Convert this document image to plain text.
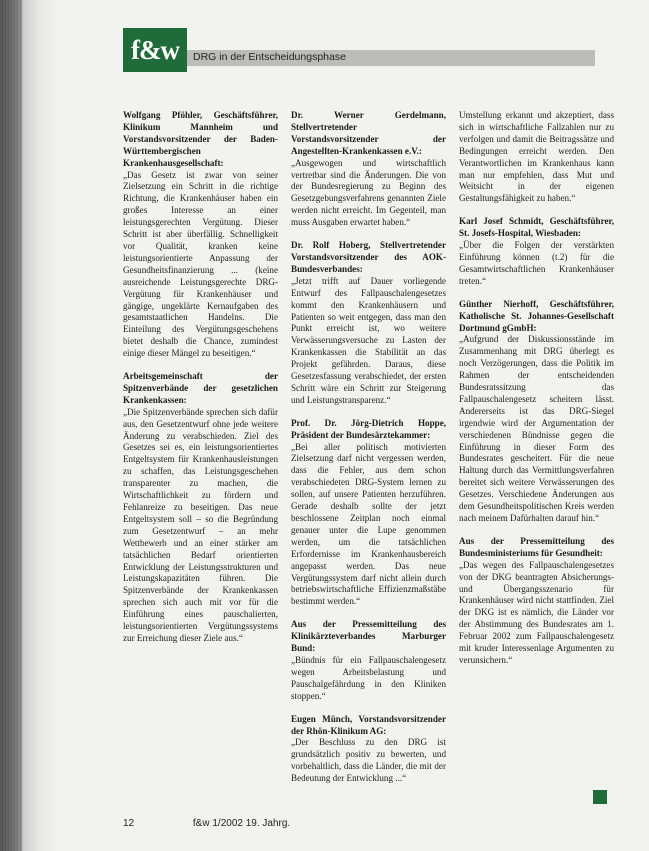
f&w	DRG in der Entscheidungsphase
Wolfgang Pföhler, Geschäftsführer, Klinikum Mannheim und Vorstandsvorsitzender der Baden-Württembergischen Krankenhausgesellschaft:

„Das Gesetz ist zwar von seiner Zielsetzung ein Schritt in die richtige Richtung, die Krankenhäuser haben ein großes Interesse an einer leistungsgerechten Vergütung. Dieser Schritt ist aber überfällig. Schnelligkeit vor Qualität, kranken keine leistungsorientierte Anpassung der Gesundheitsfinanzierung ... (keine ausreichende Leistungsgerechte DRG-Vergütung für Krankenhäuser und gängige, ungeklärte Kernaufgaben des gesamtstaatlichen Handelns. Die Einteilung des Vergütungsgeschehens bietet deshalb die Chance, zumindest einige dieser Mängel zu beseitigen.“

Arbeitsgemeinschaft der Spitzenverbände der gesetzlichen Krankenkassen:

„Die Spitzenverbände sprechen sich dafür aus, den Gesetzentwurf ohne jede weitere Änderung zu verabschieden. Ziel des Gesetzes sei es, ein leistungsorientiertes Entgeltsystem für Krankenhausleistungen zu schaffen, das Leistungsgeschehen transparenter zu machen, die Wirtschaftlichkeit zu fördern und Fehlanreize zu beseitigen. Das neue Entgeltsystem soll – so die Begründung zum Gesetzentwurf – an mehr Wettbewerb und an einer stärker am tatsächlichen Bedarf orientierten Entwicklung der Leistungsstrukturen und Leistungskapazitäten führen. Die Spitzenverbände der Krankenkassen sprechen sich auch mit vor für die Einführung eines pauschalierten, leistungsorientierten Vergütungssystems zur Erreichung dieser Ziele aus.“

Dr. Werner Gerdelmann, Stellvertretender Vorstandsvorsitzender der Angestellten-Krankenkassen e.V.:

„Ausgewogen und wirtschaftlich vertretbar sind die Änderungen. Die von der Bundesregierung zu Beginn des Gesetzgebungsverfahrens genannten Ziele werden nicht erreicht. Im Gegenteil, man muss Ausgaben erwartet haben.“

Dr. Rolf Hoberg, Stellvertretender Vorstandsvorsitzender des AOK-Bundesverbandes:

„Jetzt trifft auf Dauer vorliegende Entwurf des Fallpauschalengesetzes kommt den Krankenhäusern und Patienten so weit entgegen, dass man den Punkt erreicht ist, wo weitere Verwässerungsversuche zu Lasten der Krankenkassen die Stabilität an das Projekt gefährden. Daraus, diese Gesetzesfassung verabschiedet, der ersten Schritt wäre ein Schritt zur Steigerung und Leistungstransparenz.“

Prof. Dr. Jörg-Dietrich Hoppe, Präsident der Bundesärztekammer:

„Bei aller politisch motivierten Zielsetzung darf nicht vergessen werden, dass die Fehler, aus dem schon verabschiedeten DRG-System lernen zu sollen, auf unsere Patienten herzuführen. Gerade deshalb sollte der jetzt beschlossene Zeitplan noch einmal genauer unter die Lupe genommen werden, um die tatsächlichen Erfordernisse im Krankenhausbereich angepasst werden. Das neue Vergütungssystem darf nicht allein durch betriebswirtschaftliche Effizienzmaßstäbe bestimmt werden.“

Aus der Pressemitteilung des Klinikärzteverbandes Marburger Bund:

„Bündnis für ein Fallpauschalengesetz wegen Arbeitsbelastung und Pauschalgefährdung in den Kliniken stoppen.“

Eugen Münch, Vorstandsvorsitzender der Rhön-Klinikum AG:

„Der Beschluss zu den DRG ist grundsätzlich positiv zu bewerten, und vorbehaltlich, dass die Länder, die mit der Bedeutung der Entwicklung ...“

Umstellung erkannt und akzeptiert, dass sich in wirtschaftliche Fallzahlen nur zu verfolgen und damit die Beitragssätze und Bedingungen erreicht werden. Den Verantwortlichen im Krankenhaus kann man nur empfehlen, dass Mut und Weitsicht in der eigenen Gestaltungsfähigkeit zu haben.“

Karl Josef Schmidt, Geschäftsführer, St. Josefs-Hospital, Wiesbaden:

„Über die Folgen der verstärkten Einführung können (t.2) für die Gesamtwirtschaftlichen Krankenhäuser treten.“

Günther Nierhoff, Geschäftsführer, Katholische St. Johannes-Gesellschaft Dortmund gGmbH:

„Aufgrund der Diskussionsstände im Zusammenhang mit DRG überlegt es noch Verzögerungen, dass die Politik im Rahmen der entscheidenden Bundesratssitzung das Fallpauschalengesetz scheitern lässt. Andererseits ist das DRG-Siegel irgendwie wird der Argumentation der verschiedenen Bündnisse gegen die Einführung in dieser Form des Bundesrates gescheitert. Für die neue Haltung durch das Vermittlungsverfahren bereitet sich weitere Verwässerungen des Gesetzes. Verschiedene Änderungen aus dem Gesundheitspolitischen Kreis werden nach meinem Dafürhalten darauf hin.“

Aus der Pressemitteilung des Bundesministeriums für Gesundheit:

„Das wegen des Fallpauschalengesetzes von der DKG beantragten Absicherungs- und Übergangsszenario für Krankenhäuser wird nicht stattfinden. Ziel der DKG ist es nämlich, die Länder vor der Abstimmung des Bundesrates am 1. Februar 2002 zum Fallpauschalengesetz mit kruder Interessenlage Argumenten zu verunsichern.“

12	f&w 1/2002 19. Jahrg.
